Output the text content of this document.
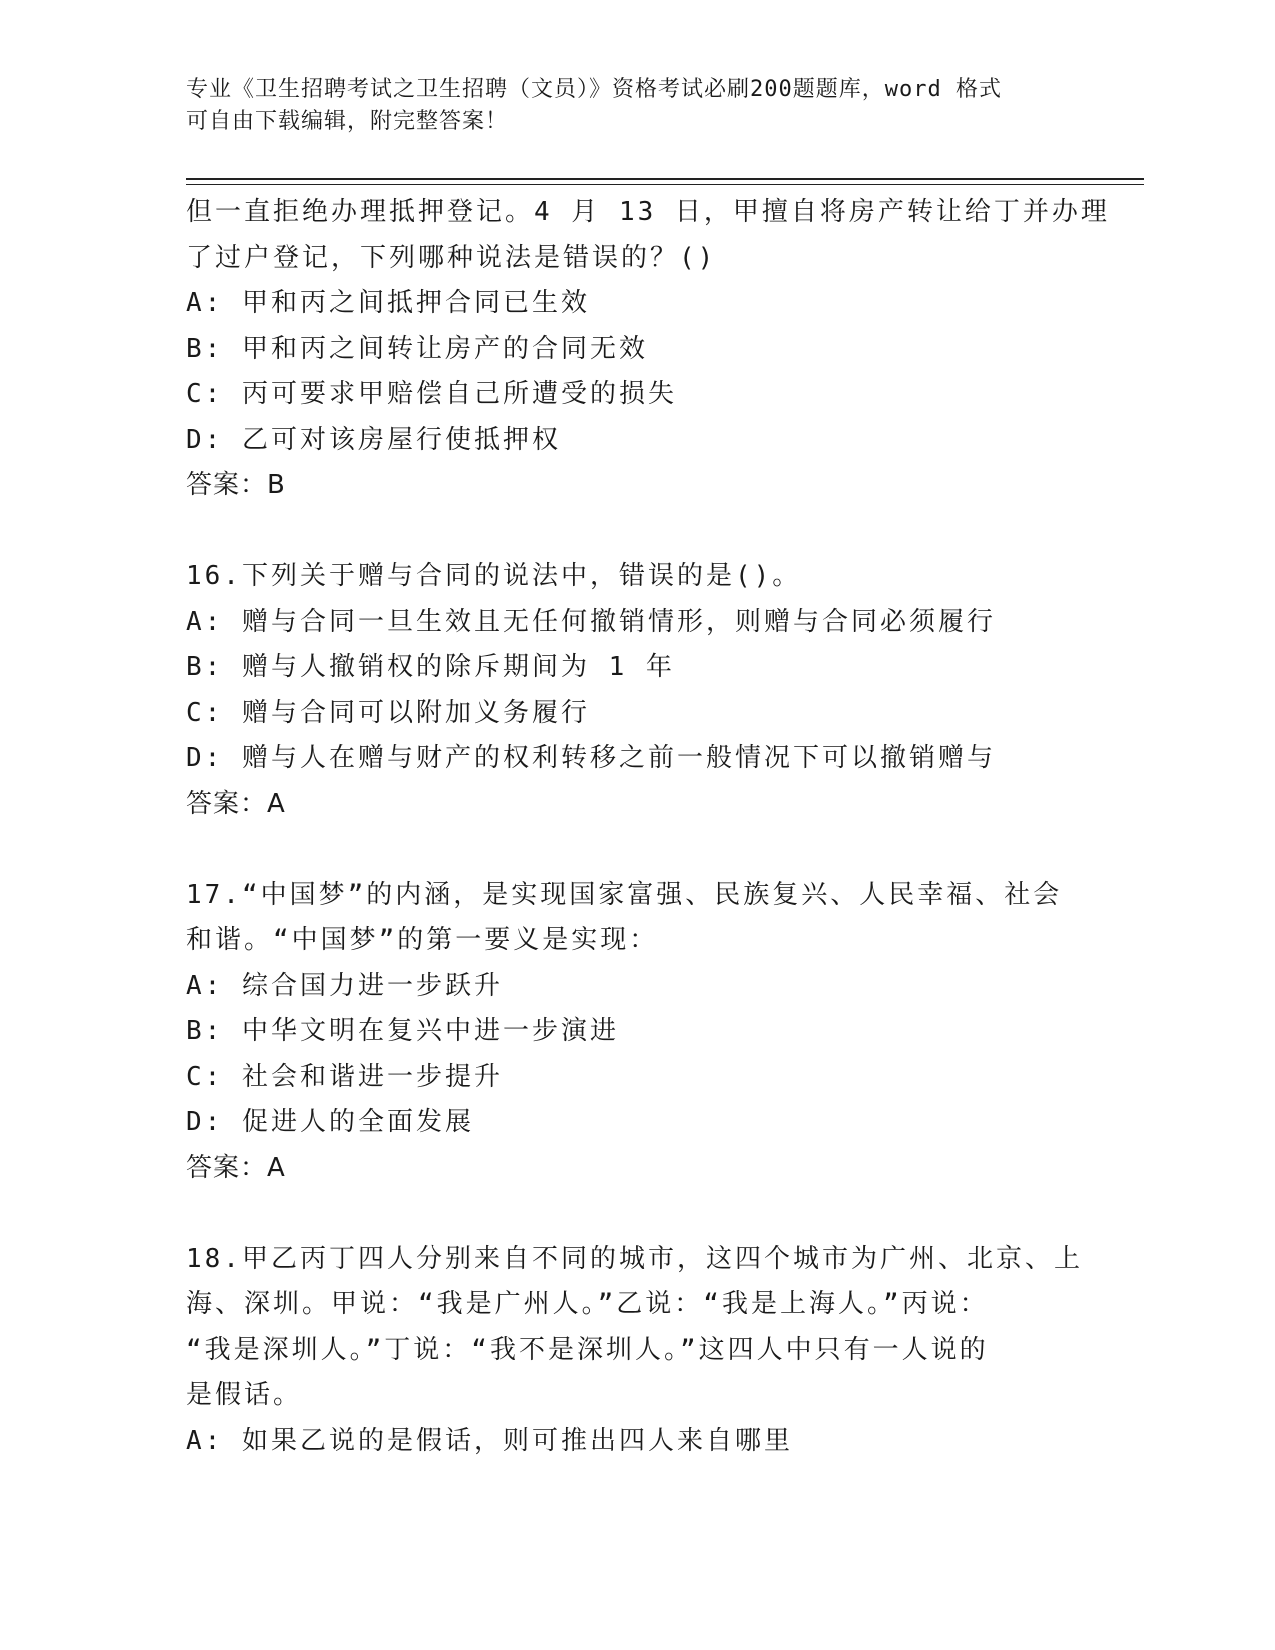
专业《卫生招聘考试之卫生招聘（文员）》资格考试必刷200题题库，word 格式
可自由下载编辑，附完整答案！
但一直拒绝办理抵押登记。4 月 13 日，甲擅自将房产转让给丁并办理
了过户登记，下列哪种说法是错误的？()
A: 甲和丙之间抵押合同已生效
B: 甲和丙之间转让房产的合同无效
C: 丙可要求甲赔偿自己所遭受的损失
D: 乙可对该房屋行使抵押权
答案：B
16.下列关于赠与合同的说法中，错误的是()。
A: 赠与合同一旦生效且无任何撤销情形，则赠与合同必须履行
B: 赠与人撤销权的除斥期间为 1 年
C: 赠与合同可以附加义务履行
D: 赠与人在赠与财产的权利转移之前一般情况下可以撤销赠与
答案：A
17.“中国梦”的内涵，是实现国家富强、民族复兴、人民幸福、社会
和谐。“中国梦”的第一要义是实现：
A: 综合国力进一步跃升
B: 中华文明在复兴中进一步演进
C: 社会和谐进一步提升
D: 促进人的全面发展
答案：A
18.甲乙丙丁四人分别来自不同的城市，这四个城市为广州、北京、上
海、深圳。甲说：“我是广州人。”乙说：“我是上海人。”丙说：
“我是深圳人。”丁说：“我不是深圳人。”这四人中只有一人说的
是假话。
A: 如果乙说的是假话，则可推出四人来自哪里
